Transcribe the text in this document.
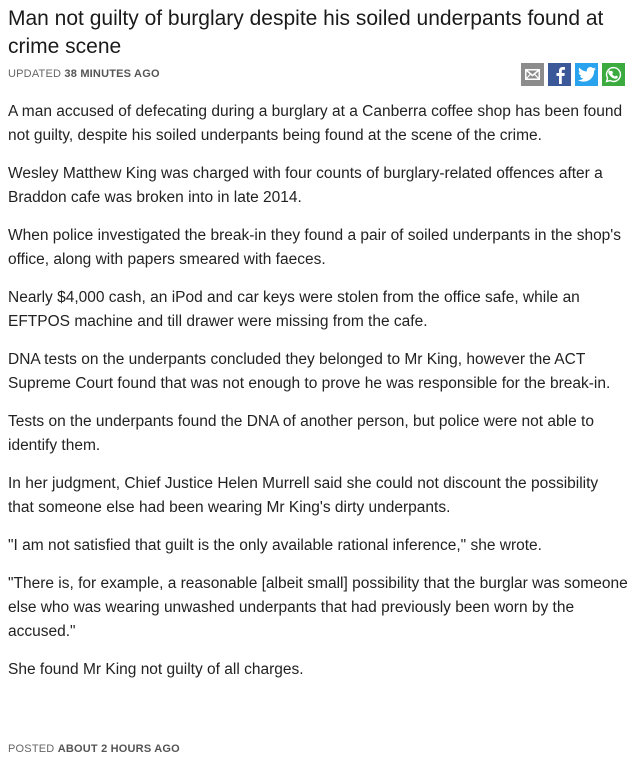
Man not guilty of burglary despite his soiled underpants found at crime scene
UPDATED 38 MINUTES AGO

A man accused of defecating during a burglary at a Canberra coffee shop has been found not guilty, despite his soiled underpants being found at the scene of the crime.

Wesley Matthew King was charged with four counts of burglary-related offences after a Braddon cafe was broken into in late 2014.

When police investigated the break-in they found a pair of soiled underpants in the shop's office, along with papers smeared with faeces.

Nearly $4,000 cash, an iPod and car keys were stolen from the office safe, while an EFTPOS machine and till drawer were missing from the cafe.

DNA tests on the underpants concluded they belonged to Mr King, however the ACT Supreme Court found that was not enough to prove he was responsible for the break-in.

Tests on the underpants found the DNA of another person, but police were not able to identify them.

In her judgment, Chief Justice Helen Murrell said she could not discount the possibility that someone else had been wearing Mr King's dirty underpants.

"I am not satisfied that guilt is the only available rational inference," she wrote.

"There is, for example, a reasonable [albeit small] possibility that the burglar was someone else who was wearing unwashed underpants that had previously been worn by the accused."

She found Mr King not guilty of all charges.

POSTED ABOUT 2 HOURS AGO
